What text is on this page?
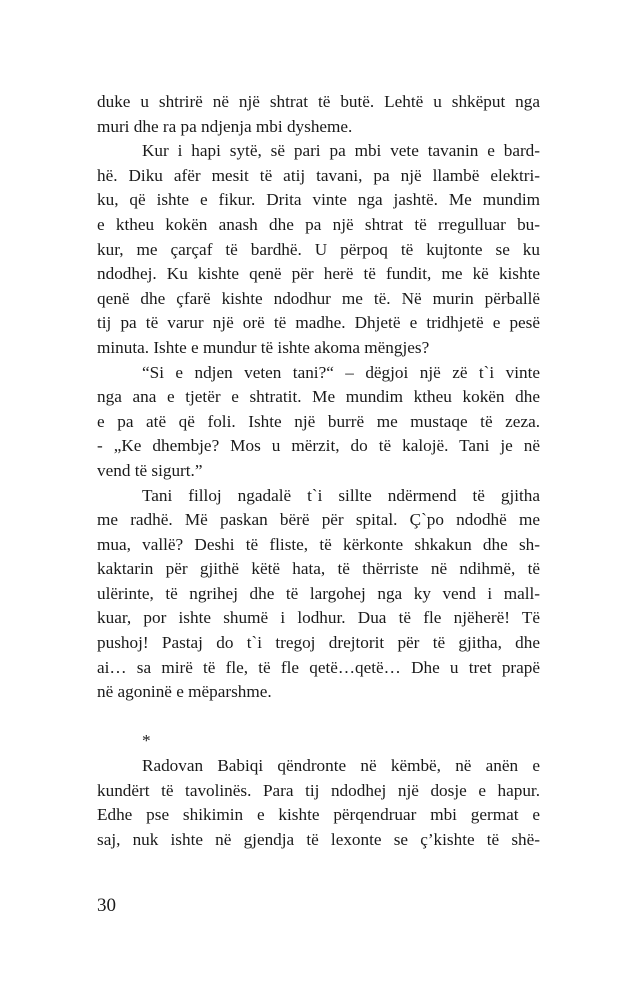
duke u shtrirë në një shtrat të butë. Lehtë u shkëput nga
muri dhe ra pa ndjenja mbi dysheme.
Kur i hapi sytë, së pari pa mbi vete tavanin e bard-
hë. Diku afër mesit të atij tavani, pa një llambë elektri-
ku, që ishte e fikur. Drita vinte nga jashtë. Me mundim
e ktheu kokën anash dhe pa një shtrat të rregulluar bu-
kur, me çarçaf të bardhë. U përpoq të kujtonte se ku
ndodhej. Ku kishte qenë për herë të fundit, me kë kishte
qenë dhe çfarë kishte ndodhur me të. Në murin përballë
tij pa të varur një orë të madhe. Dhjetë e tridhjetë e pesë
minuta. Ishte e mundur të ishte akoma mëngjes?
“Si e ndjen veten tani?“ – dëgjoi një zë t`i vinte
nga ana e tjetër e shtratit. Me mundim ktheu kokën dhe
e pa atë që foli. Ishte një burrë me mustaqe të zeza.
- „Ke dhembje? Mos u mërzit, do të kalojë. Tani je në
vend të sigurt.”
Tani filloj ngadalë t`i sillte ndërmend të gjitha
me radhë. Më paskan bërë për spital. Ç`po ndodhë me
mua, vallë? Deshi të fliste, të kërkonte shkakun dhe sh-
kaktarin për gjithë këtë hata, të thërriste në ndihmë, të
ulërinte, të ngrihej dhe të largohej nga ky vend i mall-
kuar, por ishte shumë i lodhur. Dua të fle njëherë! Të
pushoj! Pastaj do t`i tregoj drejtorit për të gjitha, dhe
ai… sa mirë të fle, të fle qetë…qetë… Dhe u tret prapë
në agoninë e mëparshme.
*
Radovan Babiqi qëndronte në këmbë, në anën e
kundërt të tavolinës. Para tij ndodhej një dosje e hapur.
Edhe pse shikimin e kishte përqendruar mbi germat e
saj, nuk ishte në gjendja të lexonte se ç’kishte të shë-
30
